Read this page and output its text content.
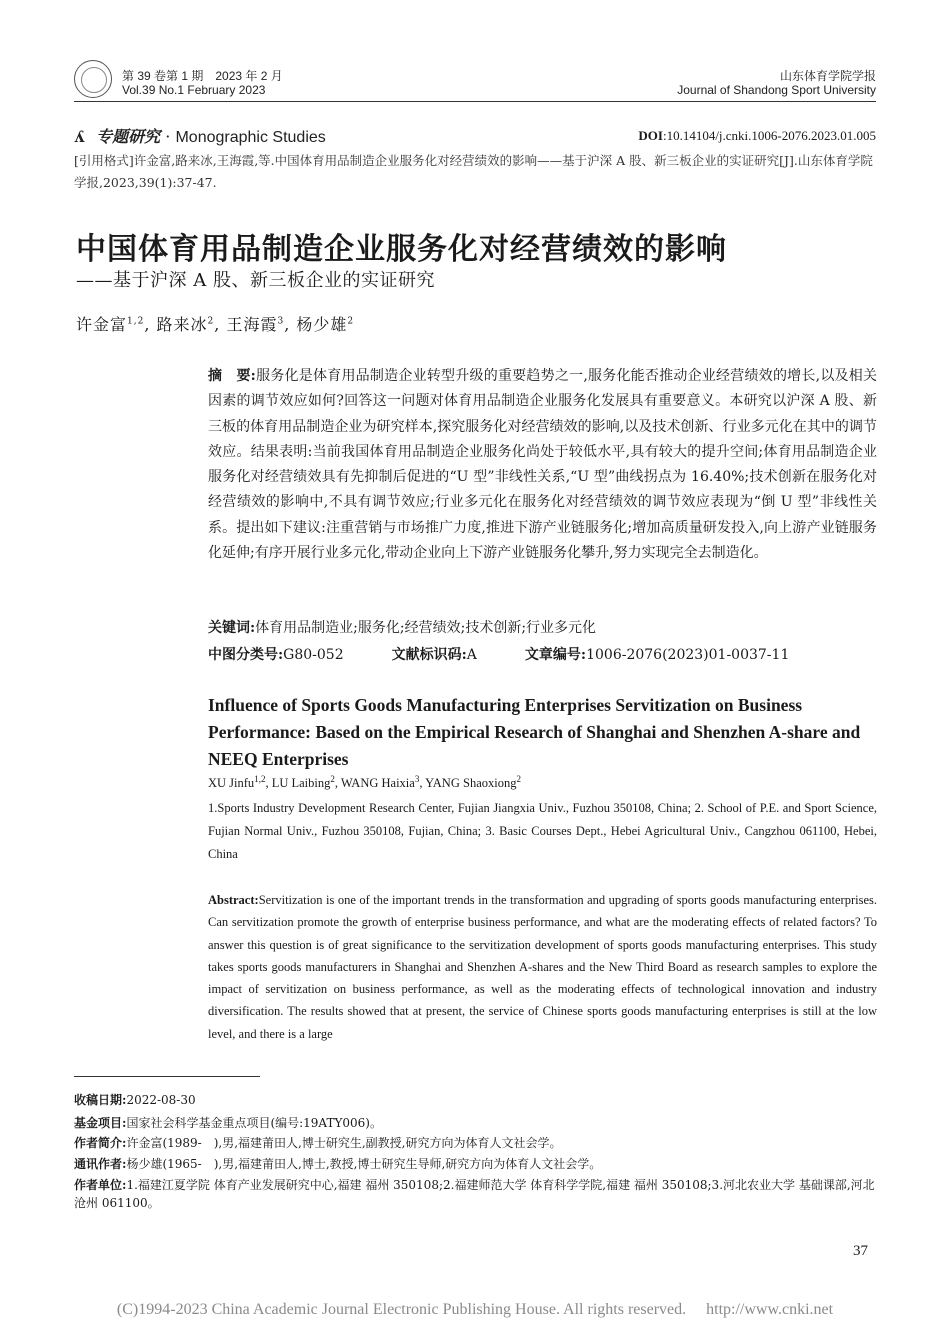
第 39 卷第 1 期　2023 年 2 月
Vol.39 No.1 February 2023
山东体育学院学报
Journal of Shandong Sport University
ʎ 专题研究 · Monographic Studies	DOI:10.14104/j.cnki.1006-2076.2023.01.005
[引用格式]许金富,路来冰,王海霞,等.中国体育用品制造企业服务化对经营绩效的影响——基于沪深 A 股、新三板企业的实证研究[J].山东体育学院学报,2023,39(1):37-47.
中国体育用品制造企业服务化对经营绩效的影响
——基于沪深 A 股、新三板企业的实证研究
许金富$^{1,2}$, 路来冰$^2$, 王海霞$^3$, 杨少雄$^2$
摘　要:服务化是体育用品制造企业转型升级的重要趋势之一,服务化能否推动企业经营绩效的增长,以及相关因素的调节效应如何?回答这一问题对体育用品制造企业服务化发展具有重要意义。本研究以沪深 A 股、新三板的体育用品制造企业为研究样本,探究服务化对经营绩效的影响,以及技术创新、行业多元化在其中的调节效应。结果表明:当前我国体育用品制造企业服务化尚处于较低水平,具有较大的提升空间;体育用品制造企业服务化对经营绩效具有先抑制后促进的“U 型”非线性关系,“U 型”曲线拐点为 16.40%;技术创新在服务化对经营绩效的影响中,不具有调节效应;行业多元化在服务化对经营绩效的调节效应表现为“倒 U 型”非线性关系。提出如下建议:注重营销与市场推广力度,推进下游产业链服务化;增加高质量研发投入,向上游产业链服务化延伸;有序开展行业多元化,带动企业向上下游产业链服务化攀升,努力实现完全去制造化。
关键词:体育用品制造业;服务化;经营绩效;技术创新;行业多元化
中图分类号:G80-052	文献标识码:A	文章编号:1006-2076(2023)01-0037-11
Influence of Sports Goods Manufacturing Enterprises Servitization on Business Performance: Based on the Empirical Research of Shanghai and Shenzhen A-share and NEEQ Enterprises
XU Jinfu$^{1,2}$, LU Laibing$^2$, WANG Haixia$^3$, YANG Shaoxiong$^2$
1.Sports Industry Development Research Center, Fujian Jiangxia Univ., Fuzhou 350108, China; 2. School of P.E. and Sport Science, Fujian Normal Univ., Fuzhou 350108, Fujian, China; 3. Basic Courses Dept., Hebei Agricultural Univ., Cangzhou 061100, Hebei, China
Abstract:Servitization is one of the important trends in the transformation and upgrading of sports goods manufacturing enterprises. Can servitization promote the growth of enterprise business performance, and what are the moderating effects of related factors? To answer this question is of great significance to the servitization development of sports goods manufacturing enterprises. This study takes sports goods manufacturers in Shanghai and Shenzhen A-shares and the New Third Board as research samples to explore the impact of servitization on business performance, as well as the moderating effects of technological innovation and industry diversification. The results showed that at present, the service of Chinese sports goods manufacturing enterprises is still at the low level, and there is a large
收稿日期:2022-08-30
基金项目:国家社会科学基金重点项目(编号:19ATY006)。
作者简介:许金富(1989-　),男,福建莆田人,博士研究生,副教授,研究方向为体育人文社会学。
通讯作者:杨少雄(1965-　),男,福建莆田人,博士,教授,博士研究生导师,研究方向为体育人文社会学。
作者单位:1.福建江夏学院 体育产业发展研究中心,福建 福州 350108;2.福建师范大学 体育科学学院,福建 福州 350108;3.河北农业大学 基础课部,河北 沧州 061100。
37
(C)1994-2023 China Academic Journal Electronic Publishing House. All rights reserved.　 http://www.cnki.net
